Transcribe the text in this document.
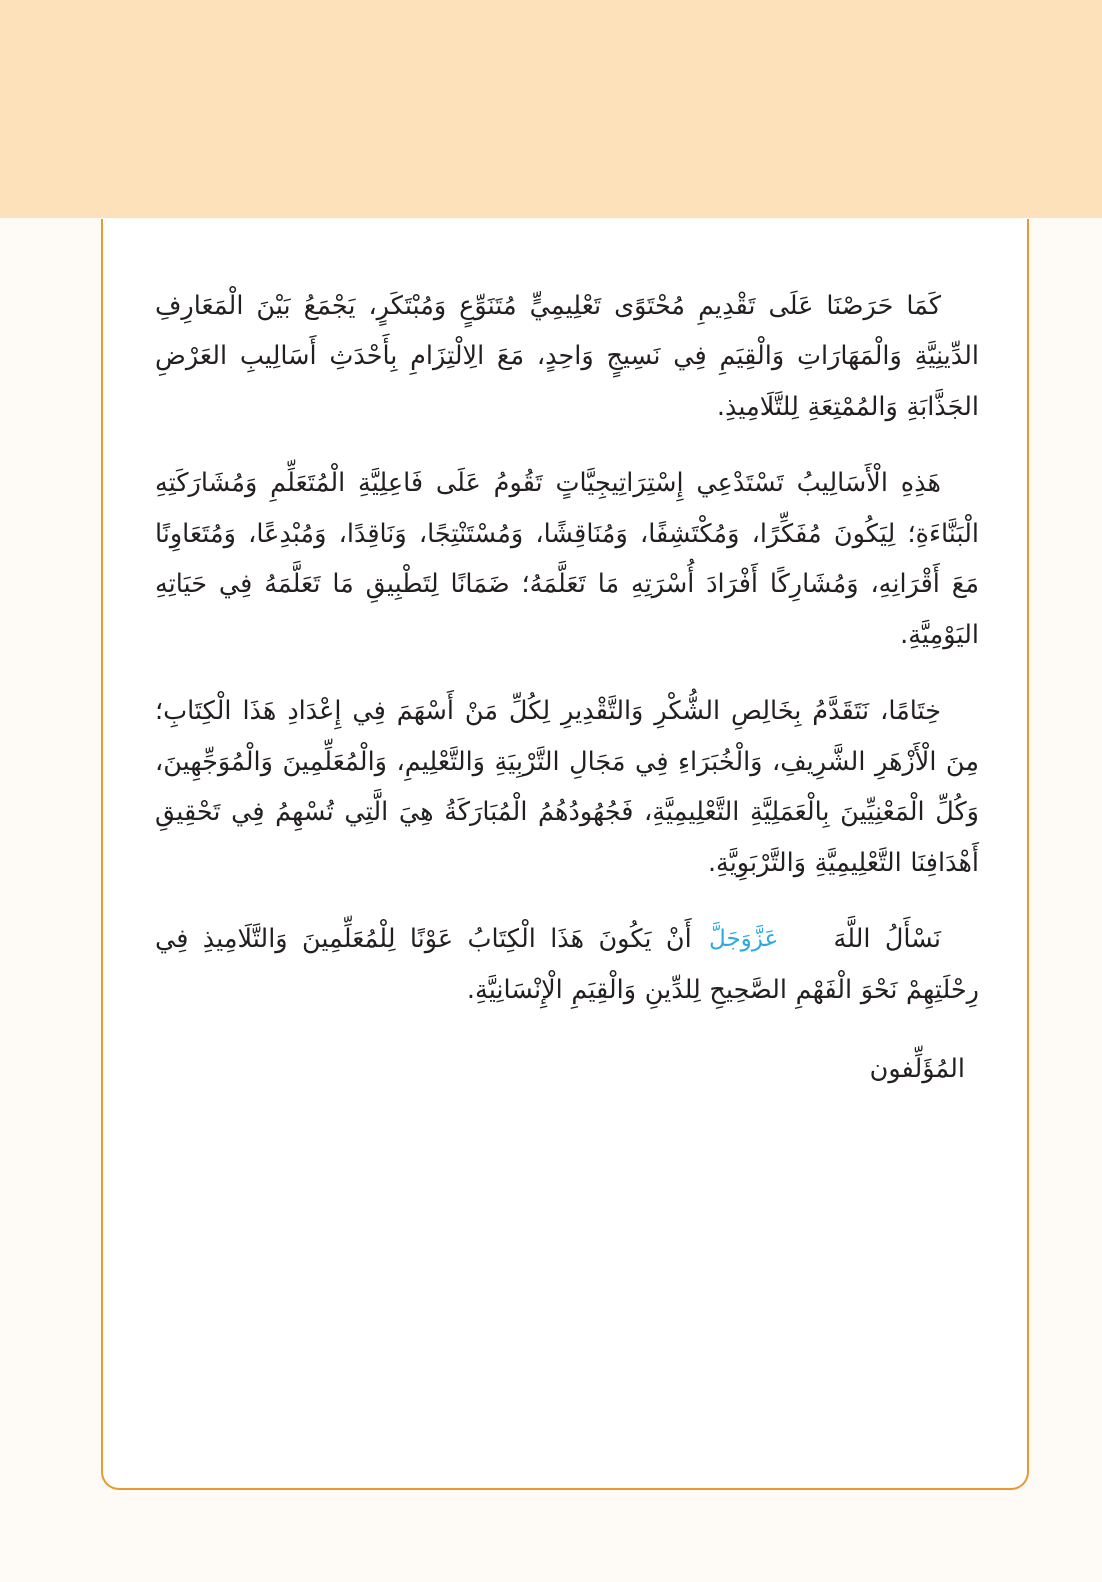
كَمَا حَرَصْنَا عَلَى تَقْدِيمِ مُحْتَوًى تَعْلِيمِيٍّ مُتَنَوِّعٍ وَمُبْتَكَرٍ، يَجْمَعُ بَيْنَ الْمَعَارِفِ الدِّينِيَّةِ وَالْمَهَارَاتِ وَالْقِيَمِ فِي نَسِيجٍ وَاحِدٍ، مَعَ الِالْتِزَامِ بِأَحْدَثِ أَسَالِيبِ العَرْضِ الجَذَّابَةِ وَالمُمْتِعَةِ لِلتَّلَامِيذِ.

هَذِهِ الْأَسَالِيبُ تَسْتَدْعِي إِسْتِرَاتِيجِيَّاتٍ تَقُومُ عَلَى فَاعِلِيَّةِ الْمُتَعَلِّمِ وَمُشَارَكَتِهِ الْبَنَّاءَةِ؛ لِيَكُونَ مُفَكِّرًا، وَمُكْتَشِفًا، وَمُنَاقِشًا، وَمُسْتَنْتِجًا، وَنَاقِدًا، وَمُبْدِعًا، وَمُتَعَاوِنًا مَعَ أَقْرَانِهِ، وَمُشَارِكًا أَفْرَادَ أُسْرَتِهِ مَا تَعَلَّمَهُ؛ ضَمَانًا لِتَطْبِيقِ مَا تَعَلَّمَهُ فِي حَيَاتِهِ اليَوْمِيَّةِ.

خِتَامًا، نَتَقَدَّمُ بِخَالِصِ الشُّكْرِ وَالتَّقْدِيرِ لِكُلِّ مَنْ أَسْهَمَ فِي إِعْدَادِ هَذَا الْكِتَابِ؛ مِنَ الْأَزْهَرِ الشَّرِيفِ، وَالْخُبَرَاءِ فِي مَجَالِ التَّرْبِيَةِ وَالتَّعْلِيمِ، وَالْمُعَلِّمِينَ وَالْمُوَجِّهِينَ، وَكُلِّ الْمَعْنِيِّينَ بِالْعَمَلِيَّةِ التَّعْلِيمِيَّةِ، فَجُهُودُهُمُ الْمُبَارَكَةُ هِيَ الَّتِي تُسْهِمُ فِي تَحْقِيقِ أَهْدَافِنَا التَّعْلِيمِيَّةِ وَالتَّرْبَوِيَّةِ.

نَسْأَلُ اللَّهَ عَزَّوَجَلَّ أَنْ يَكُونَ هَذَا الْكِتَابُ عَوْنًا لِلْمُعَلِّمِينَ وَالتَّلَامِيذِ فِي رِحْلَتِهِمْ نَحْوَ الْفَهْمِ الصَّحِيحِ لِلدِّينِ وَالْقِيَمِ الْإِنْسَانِيَّةِ.

المُؤَلِّفون
